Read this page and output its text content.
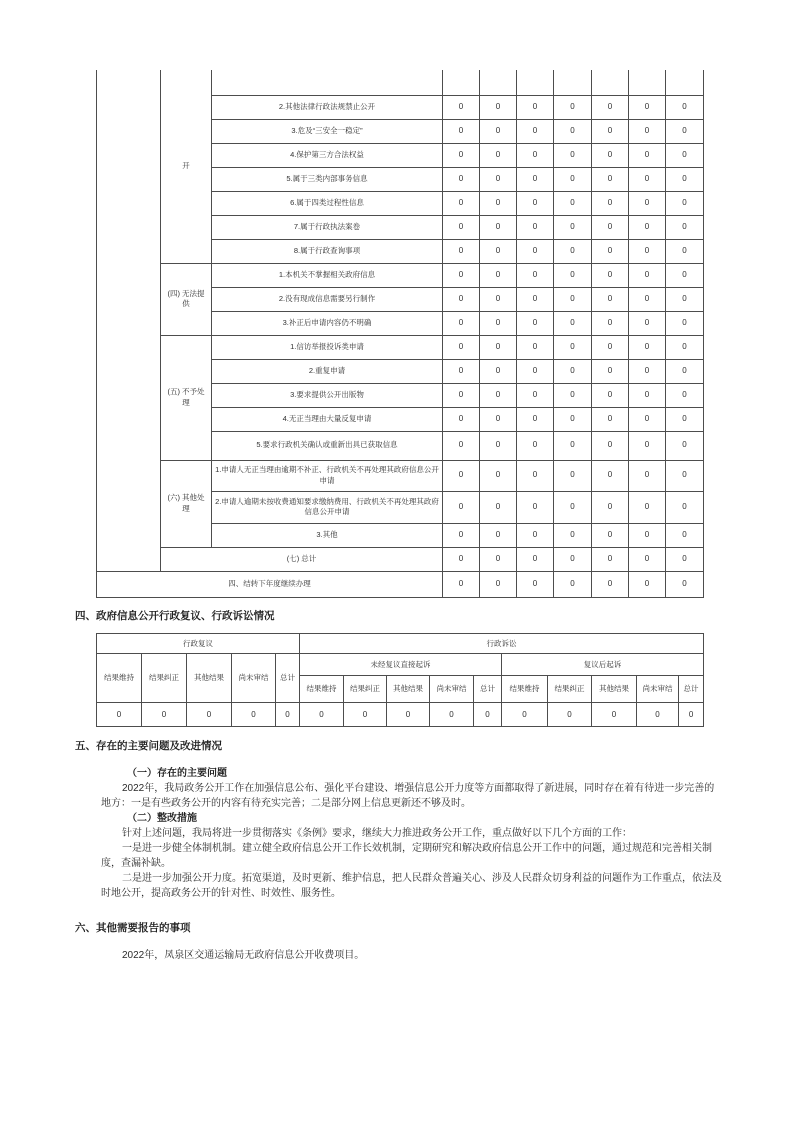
	开								
		2.其他法律行政法规禁止公开	0	0	0	0	0	0	0
		3.危及“三安全一稳定”	0	0	0	0	0	0	0
		4.保护第三方合法权益	0	0	0	0	0	0	0
		5.属于三类内部事务信息	0	0	0	0	0	0	0
		6.属于四类过程性信息	0	0	0	0	0	0	0
		7.属于行政执法案卷	0	0	0	0	0	0	0
		8.属于行政查询事项	0	0	0	0	0	0	0
	(四) 无法提供	1.本机关不掌握相关政府信息	0	0	0	0	0	0	0
		2.没有现成信息需要另行制作	0	0	0	0	0	0	0
		3.补正后申请内容仍不明确	0	0	0	0	0	0	0
	(五) 不予处理	1.信访举报投诉类申请	0	0	0	0	0	0	0
		2.重复申请	0	0	0	0	0	0	0
		3.要求提供公开出版物	0	0	0	0	0	0	0
		4.无正当理由大量反复申请	0	0	0	0	0	0	0
		5.要求行政机关确认或重新出具已获取信息	0	0	0	0	0	0	0
	(六) 其他处理	1.申请人无正当理由逾期不补正、行政机关不再处理其政府信息公开申请	0	0	0	0	0	0	0
		2.申请人逾期未按收费通知要求缴纳费用、行政机关不再处理其政府信息公开申请	0	0	0	0	0	0	0
		3.其他	0	0	0	0	0	0	0
	(七) 总计		0	0	0	0	0	0	0
四、结转下年度继续办理			0	0	0	0	0	0	0
四、政府信息公开行政复议、行政诉讼情况
行政复议					行政诉讼									
结果维持	结果纠正	其他结果	尚未审结	总计	未经复议直接起诉					复议后起诉				
					结果维持	结果纠正	其他结果	尚未审结	总计	结果维持	结果纠正	其他结果	尚未审结	总计
0	0	0	0	0	0	0	0	0	0	0	0	0	0	0
五、存在的主要问题及改进情况

（一）存在的主要问题

2022年，我局政务公开工作在加强信息公布、强化平台建设、增强信息公开力度等方面都取得了新进展，同时存在着有待进一步完善的地方：一是有些政务公开的内容有待充实完善；二是部分网上信息更新还不够及时。

（二）整改措施

针对上述问题，我局将进一步贯彻落实《条例》要求，继续大力推进政务公开工作，重点做好以下几个方面的工作：

一是进一步健全体制机制。建立健全政府信息公开工作长效机制，定期研究和解决政府信息公开工作中的问题，通过规范和完善相关制度，查漏补缺。

二是进一步加强公开力度。拓宽渠道，及时更新、维护信息，把人民群众普遍关心、涉及人民群众切身利益的问题作为工作重点，依法及时地公开，提高政务公开的针对性、时效性、服务性。

六、其他需要报告的事项

2022年，凤泉区交通运输局无政府信息公开收费项目。
